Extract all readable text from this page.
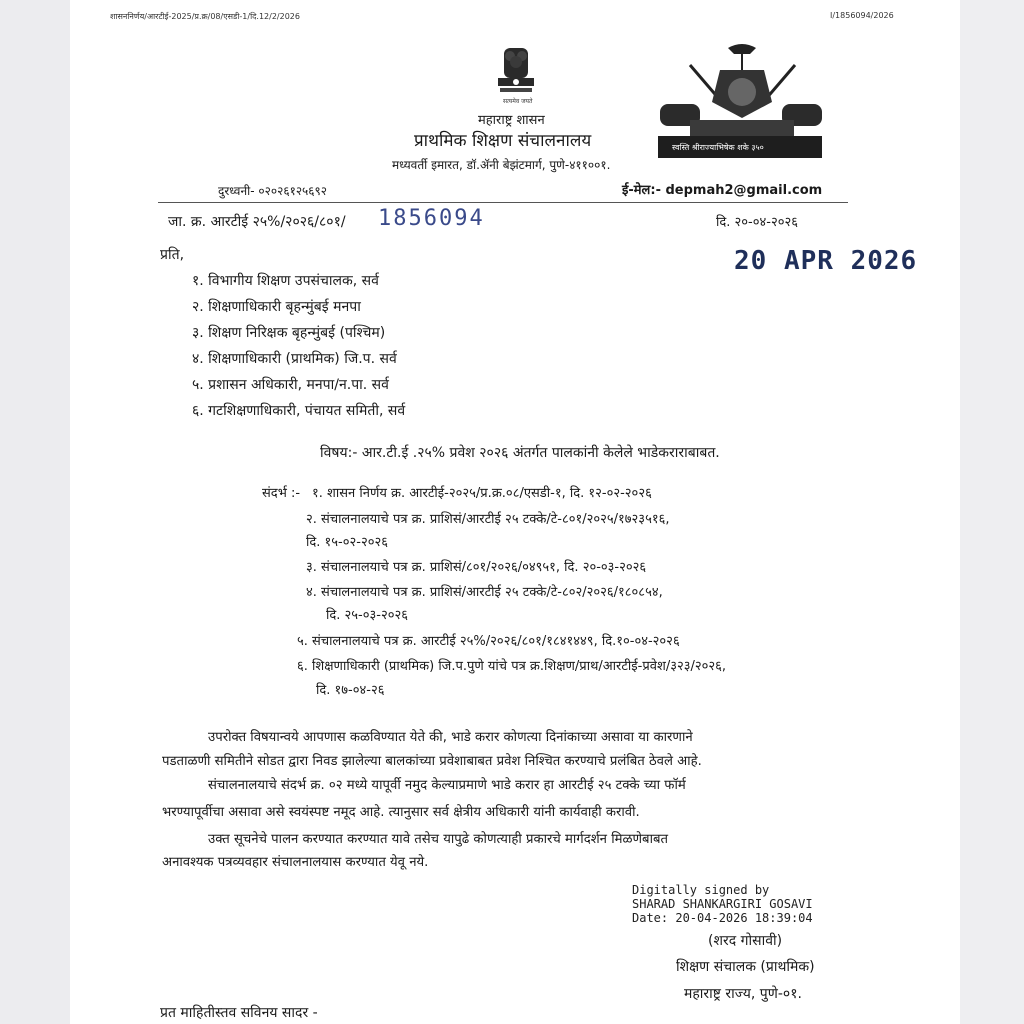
शासननिर्णय/आरटीई-2025/प्र.क्र/08/एसडी-1/दि.12/2/2026	I/1856094/2026
सत्यमेव जयते
महाराष्ट्र शासन
प्राथमिक शिक्षण संचालनालय
मध्यवर्ती इमारत, डॉ.ॲनी बेझंटमार्ग, पुणे-४११००१.
स्वस्ति श्रीराज्याभिषेक शके ३५०
दुरध्वनी- ०२०२६१२५६९२	ई-मेल:- depmah2@gmail.com
जा. क्र. आरटीई २५%/२०२६/८०१/ 1856094	दि. २०-०४-२०२६
प्रति,	20 APR 2026
१. विभागीय शिक्षण उपसंचालक, सर्व
२. शिक्षणाधिकारी बृहन्मुंबई मनपा
३. शिक्षण निरिक्षक बृहन्मुंबई (पश्चिम)
४. शिक्षणाधिकारी (प्राथमिक) जि.प. सर्व
५. प्रशासन अधिकारी, मनपा/न.पा. सर्व
६. गटशिक्षणाधिकारी, पंचायत समिती, सर्व
विषय:- आर.टी.ई .२५% प्रवेश २०२६ अंतर्गत पालकांनी केलेले भाडेकराराबाबत.
संदर्भ :- १. शासन निर्णय क्र. आरटीई-२०२५/प्र.क्र.०८/एसडी-१, दि. १२-०२-२०२६
२. संचालनालयाचे पत्र क्र. प्राशिसं/आरटीई २५ टक्के/टे-८०१/२०२५/१७२३५१६,
दि. १५-०२-२०२६
३. संचालनालयाचे पत्र क्र. प्राशिसं/८०१/२०२६/०४९५१, दि. २०-०३-२०२६
४. संचालनालयाचे पत्र क्र. प्राशिसं/आरटीई २५ टक्के/टे-८०२/२०२६/१८०८५४,
दि. २५-०३-२०२६
५. संचालनालयाचे पत्र क्र. आरटीई २५%/२०२६/८०१/१८४१४४९, दि.१०-०४-२०२६
६. शिक्षणाधिकारी (प्राथमिक) जि.प.पुणे यांचे पत्र क्र.शिक्षण/प्राथ/आरटीई-प्रवेश/३२३/२०२६,
दि. १७-०४-२६
उपरोक्त विषयान्वये आपणास कळविण्यात येते की, भाडे करार कोणत्या दिनांकाच्या असावा या कारणाने
पडताळणी समितीने सोडत द्वारा निवड झालेल्या बालकांच्या प्रवेशाबाबत प्रवेश निश्चित करण्याचे प्रलंबित ठेवले आहे.
संचालनालयाचे संदर्भ क्र. ०२ मध्ये यापूर्वी नमुद केल्याप्रमाणे भाडे करार हा आरटीई २५ टक्के च्या फॉर्म
भरण्यापूर्वीचा असावा असे स्वयंस्पष्ट नमूद आहे. त्यानुसार सर्व क्षेत्रीय अधिकारी यांनी कार्यवाही करावी.
उक्त सूचनेचे पालन करण्यात करण्यात यावे तसेच यापुढे कोणत्याही प्रकारचे मार्गदर्शन मिळणेबाबत
अनावश्यक पत्रव्यवहार संचालनालयास करण्यात येवू नये.
Digitally signed by
SHARAD SHANKARGIRI GOSAVI
Date: 20-04-2026 18:39:04
(शरद गोसावी)
शिक्षण संचालक (प्राथमिक)
महाराष्ट्र राज्य, पुणे-०१.
प्रत माहितीस्तव सविनय सादर -
